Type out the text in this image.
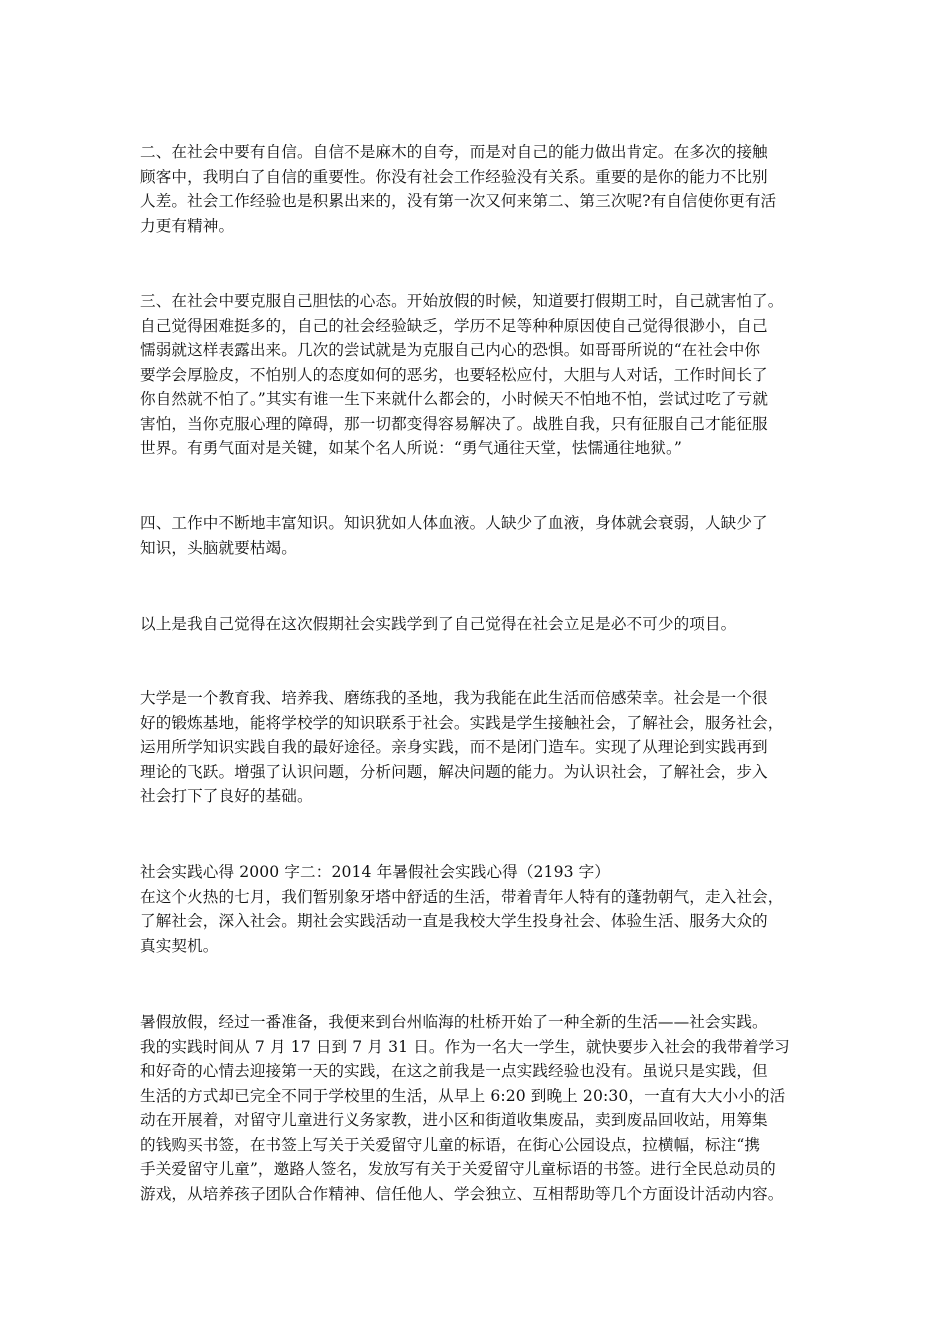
二、在社会中要有自信。自信不是麻木的自夸，而是对自己的能力做出肯定。在多次的接触
顾客中，我明白了自信的重要性。你没有社会工作经验没有关系。重要的是你的能力不比别
人差。社会工作经验也是积累出来的，没有第一次又何来第二、第三次呢?有自信使你更有活
力更有精神。

三、在社会中要克服自己胆怯的心态。开始放假的时候，知道要打假期工时，自己就害怕了。
自己觉得困难挺多的，自己的社会经验缺乏，学历不足等种种原因使自己觉得很渺小，自己
懦弱就这样表露出来。几次的尝试就是为克服自己内心的恐惧。如哥哥所说的“在社会中你
要学会厚脸皮，不怕别人的态度如何的恶劣，也要轻松应付，大胆与人对话，工作时间长了
你自然就不怕了。”其实有谁一生下来就什么都会的，小时候天不怕地不怕，尝试过吃了亏就
害怕，当你克服心理的障碍，那一切都变得容易解决了。战胜自我，只有征服自己才能征服
世界。有勇气面对是关键，如某个名人所说：“勇气通往天堂，怯懦通往地狱。”

四、工作中不断地丰富知识。知识犹如人体血液。人缺少了血液，身体就会衰弱，人缺少了
知识，头脑就要枯竭。

以上是我自己觉得在这次假期社会实践学到了自己觉得在社会立足是必不可少的项目。

大学是一个教育我、培养我、磨练我的圣地，我为我能在此生活而倍感荣幸。社会是一个很
好的锻炼基地，能将学校学的知识联系于社会。实践是学生接触社会，了解社会，服务社会，
运用所学知识实践自我的最好途径。亲身实践，而不是闭门造车。实现了从理论到实践再到
理论的飞跃。增强了认识问题，分析问题，解决问题的能力。为认识社会，了解社会，步入
社会打下了良好的基础。

社会实践心得 2000 字二：2014 年暑假社会实践心得（2193 字）
在这个火热的七月，我们暂别象牙塔中舒适的生活，带着青年人特有的蓬勃朝气，走入社会，
了解社会，深入社会。期社会实践活动一直是我校大学生投身社会、体验生活、服务大众的
真实契机。

暑假放假，经过一番准备，我便来到台州临海的杜桥开始了一种全新的生活——社会实践。
我的实践时间从 7 月 17 日到 7 月 31 日。作为一名大一学生，就快要步入社会的我带着学习
和好奇的心情去迎接第一天的实践，在这之前我是一点实践经验也没有。虽说只是实践，但
生活的方式却已完全不同于学校里的生活，从早上 6:20 到晚上 20:30，一直有大大小小的活
动在开展着，对留守儿童进行义务家教，进小区和街道收集废品，卖到废品回收站，用筹集
的钱购买书签，在书签上写关于关爱留守儿童的标语，在街心公园设点，拉横幅，标注“携
手关爱留守儿童”，邀路人签名，发放写有关于关爱留守儿童标语的书签。进行全民总动员的
游戏，从培养孩子团队合作精神、信任他人、学会独立、互相帮助等几个方面设计活动内容。
